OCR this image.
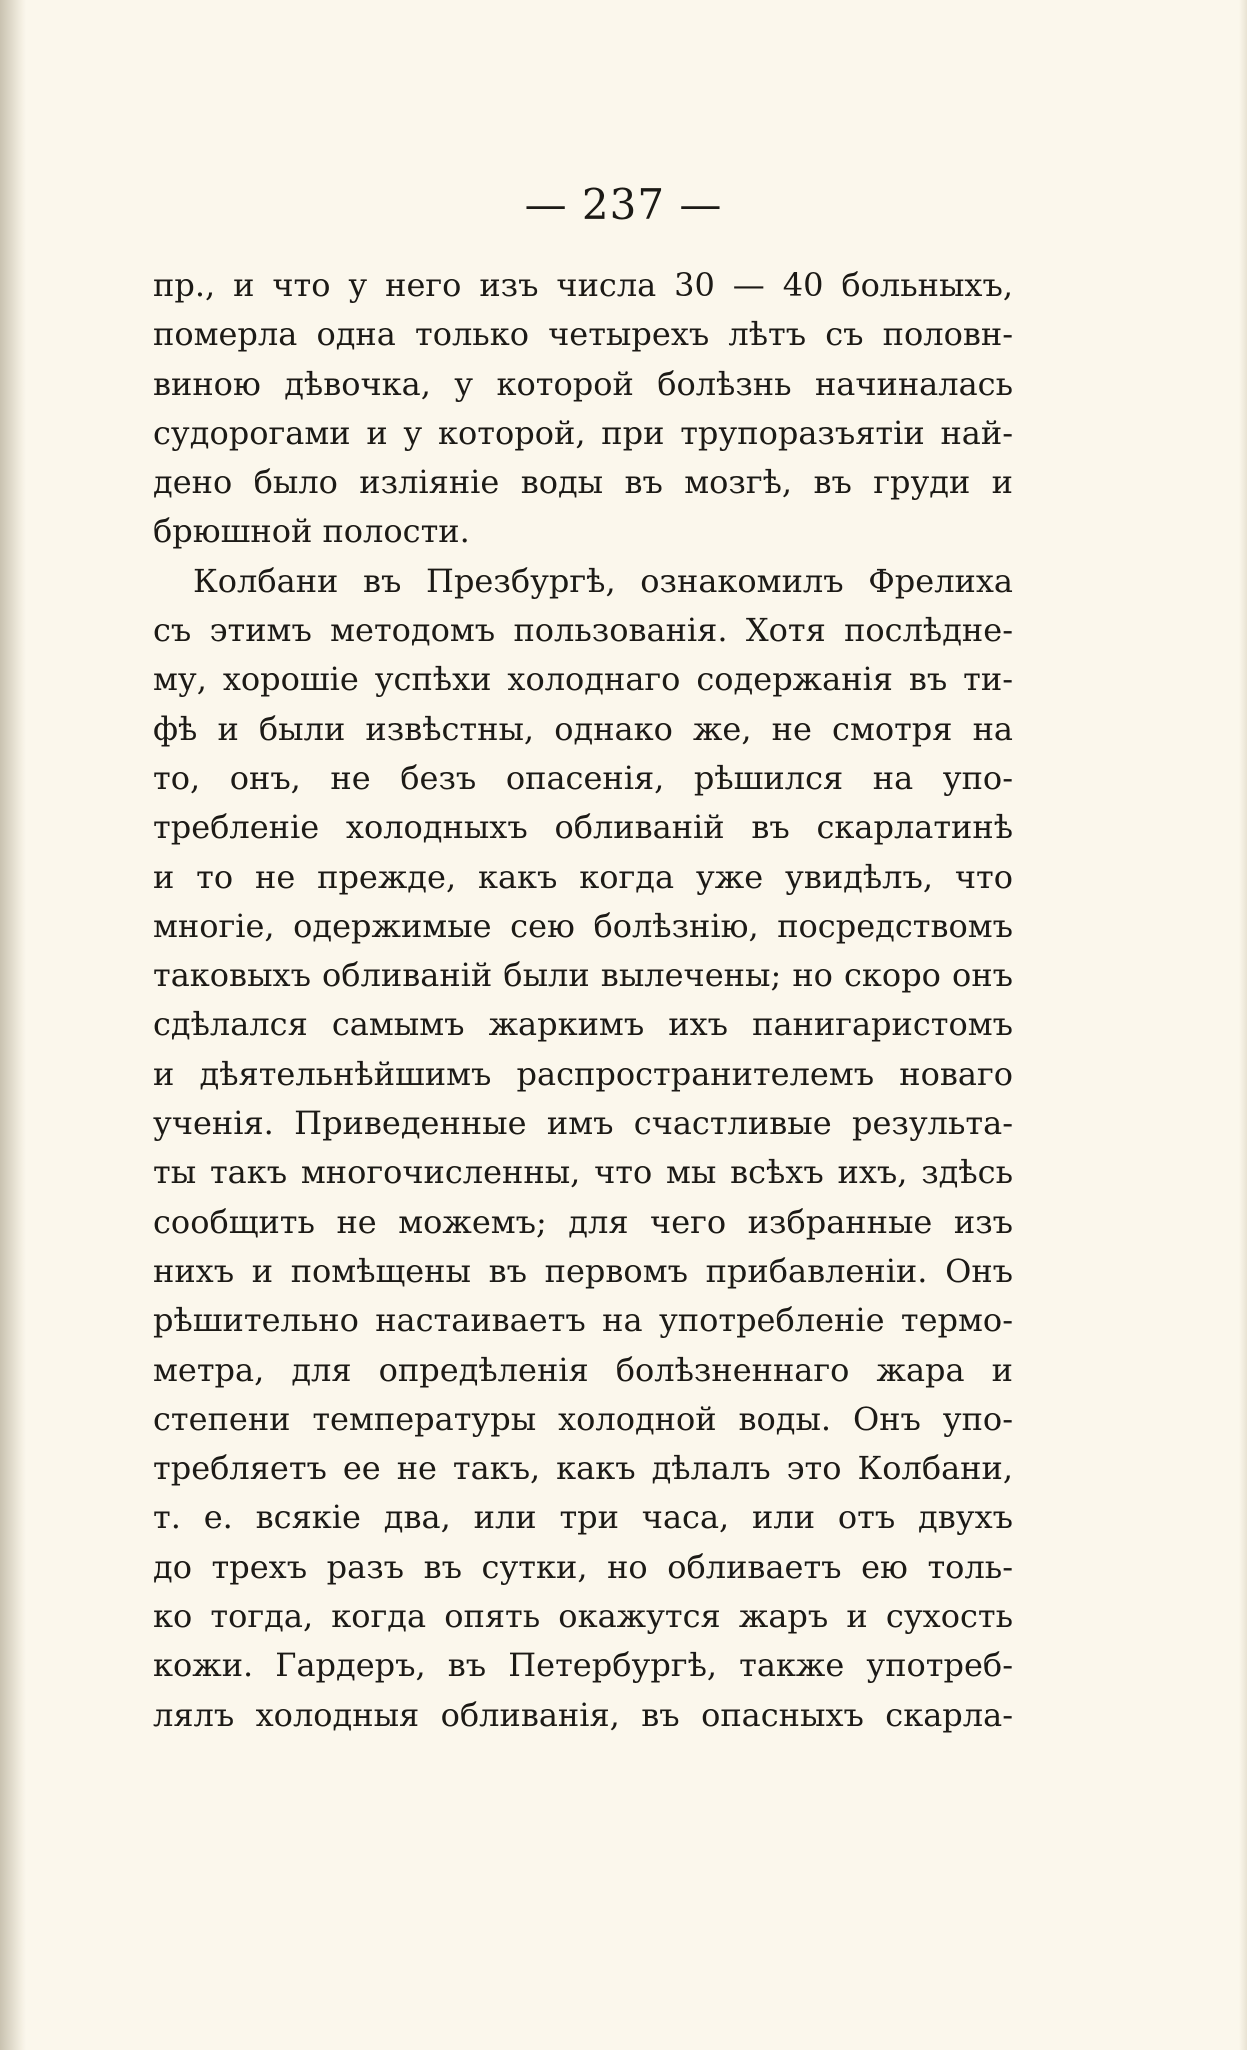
— 237 —
пр., и что у него изъ числа 30 — 40 больныхъ,
померла одна только четырехъ лѣтъ съ половн-
виною дѣвочка, у которой болѣзнь начиналась
судорогами и у которой, при трупоразъятіи най-
дено было изліяніе воды въ мозгѣ, въ груди и
брюшной полости.
Колбани въ Презбургѣ, ознакомилъ Фрелиха
съ этимъ методомъ пользованія. Хотя послѣдне-
му, хорошіе успѣхи холоднаго содержанія въ ти-
фѣ и были извѣстны, однако же, не смотря на
то, онъ, не безъ опасенія, рѣшился на упо-
требленіе холодныхъ обливаній въ скарлатинѣ
и то не прежде, какъ когда уже увидѣлъ, что
многіе, одержимые сею болѣзнію, посредствомъ
таковыхъ обливаній были вылечены; но скоро онъ
сдѣлался самымъ жаркимъ ихъ панигаристомъ
и дѣятельнѣйшимъ распространителемъ новаго
ученія. Приведенные имъ счастливые результа-
ты такъ многочисленны, что мы всѣхъ ихъ, здѣсь
сообщить не можемъ; для чего избранные изъ
нихъ и помѣщены въ первомъ прибавленіи. Онъ
рѣшительно настаиваетъ на употребленіе термо-
метра, для опредѣленія болѣзненнаго жара и
степени температуры холодной воды. Онъ упо-
требляетъ ее не такъ, какъ дѣлалъ это Колбани,
т. е. всякіе два, или три часа, или отъ двухъ
до трехъ разъ въ сутки, но обливаетъ ею толь-
ко тогда, когда опять окажутся жаръ и сухость
кожи. Гардеръ, въ Петербургѣ, также употреб-
лялъ холодныя обливанія, въ опасныхъ скарла-
